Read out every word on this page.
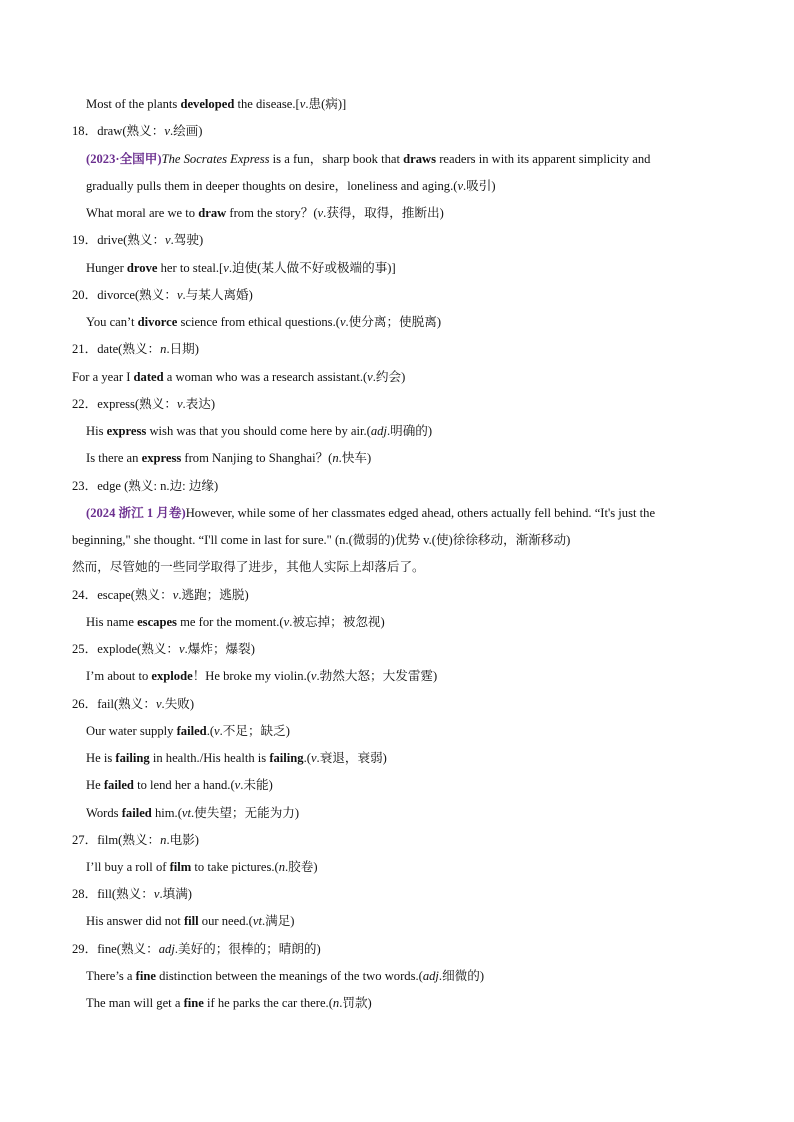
Most of the plants developed the disease.[v.患(病)]
18．draw(熟义：v.绘画)
(2023·全国甲)The Socrates Express is a fun，sharp book that draws readers in with its apparent simplicity and
gradually pulls them in deeper thoughts on desire，loneliness and aging.(v.吸引)
What moral are we to draw from the story？(v.获得，取得，推断出)
19．drive(熟义：v.驾驶)
Hunger drove her to steal.[v.迫使(某人做不好或极端的事)]
20．divorce(熟义：v.与某人离婚)
You can’t divorce science from ethical questions.(v.使分离；使脱离)
21．date(熟义：n.日期)
For a year I dated a woman who was a research assistant.(v.约会)
22．express(熟义：v.表达)
His express wish was that you should come here by air.(adj.明确的)
Is there an express from Nanjing to Shanghai？(n.快车)
23．edge (熟义: n.边: 边缘)
(2024 浙江 1 月卷)However, while some of her classmates edged ahead, others actually fell behind. “It's just the
beginning," she thought. “I'll come in last for sure." (n.(微弱的)优势 v.(使)徐徐移动，渐渐移动)
然而，尽管她的一些同学取得了进步，其他人实际上却落后了。
24．escape(熟义：v.逃跑；逃脱)
His name escapes me for the moment.(v.被忘掉；被忽视)
25．explode(熟义：v.爆炸；爆裂)
I’m about to explode！He broke my violin.(v.勃然大怒；大发雷霆)
26．fail(熟义：v.失败)
Our water supply failed.(v.不足；缺乏)
He is failing in health./His health is failing.(v.衰退，衰弱)
He failed to lend her a hand.(v.未能)
Words failed him.(vt.使失望；无能为力)
27．film(熟义：n.电影)
I’ll buy a roll of film to take pictures.(n.胶卷)
28．fill(熟义：v.填满)
His answer did not fill our need.(vt.满足)
29．fine(熟义：adj.美好的；很棒的；晴朗的)
There’s a fine distinction between the meanings of the two words.(adj.细微的)
The man will get a fine if he parks the car there.(n.罚款)
